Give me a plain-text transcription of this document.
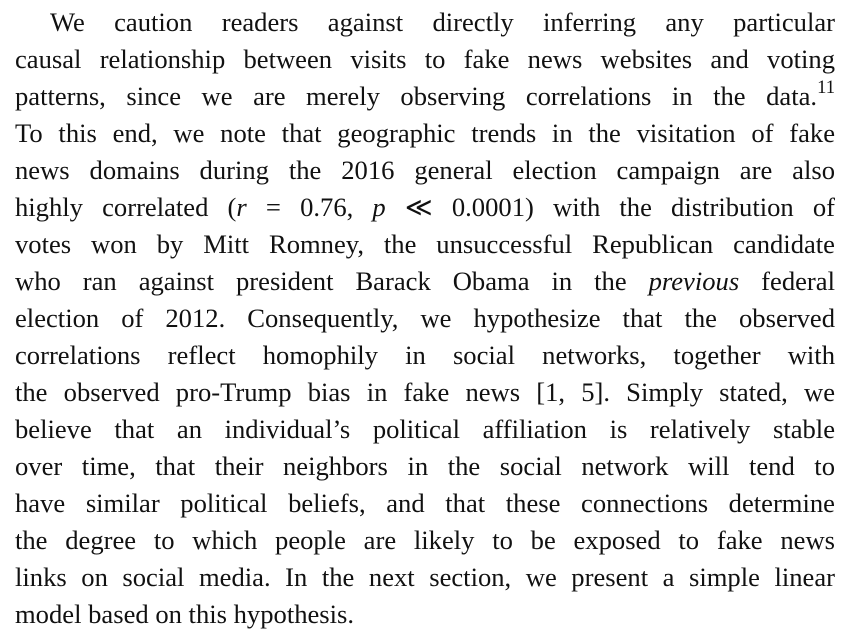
We caution readers against directly inferring any particular
causal relationship between visits to fake news websites and voting
patterns, since we are merely observing correlations in the data.$^{11}$
To this end, we note that geographic trends in the visitation of fake
news domains during the 2016 general election campaign are also
highly correlated (r = 0.76, p ≪ 0.0001) with the distribution of
votes won by Mitt Romney, the unsuccessful Republican candidate
who ran against president Barack Obama in the previous federal
election of 2012. Consequently, we hypothesize that the observed
correlations reflect homophily in social networks, together with
the observed pro-Trump bias in fake news [1, 5]. Simply stated, we
believe that an individual’s political affiliation is relatively stable
over time, that their neighbors in the social network will tend to
have similar political beliefs, and that these connections determine
the degree to which people are likely to be exposed to fake news
links on social media. In the next section, we present a simple linear
model based on this hypothesis.
